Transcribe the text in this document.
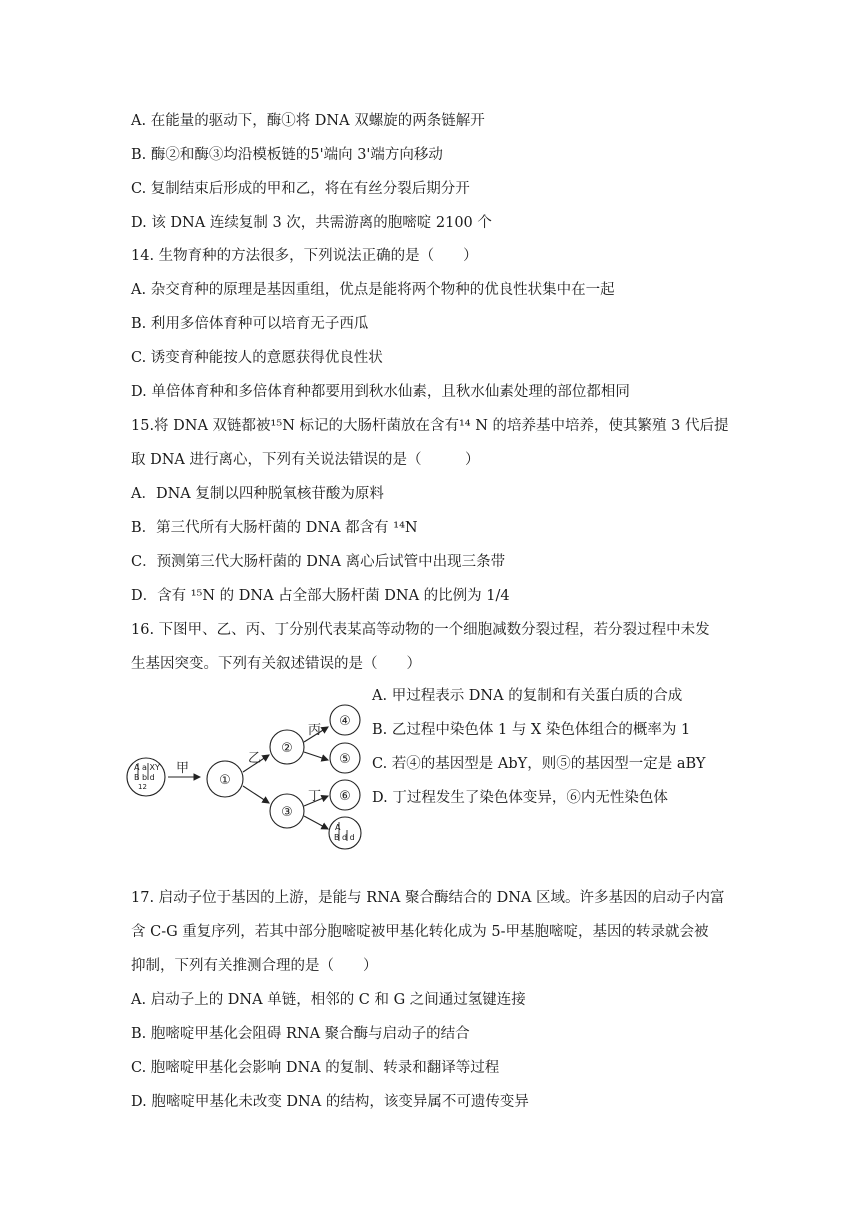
A. 在能量的驱动下，酶①将 DNA 双螺旋的两条链解开
B. 酶②和酶③均沿模板链的5'端向 3'端方向移动
C. 复制结束后形成的甲和乙，将在有丝分裂后期分开
D. 该 DNA 连续复制 3 次，共需游离的胞嘧啶 2100 个
14. 生物育种的方法很多，下列说法正确的是（　　）
A. 杂交育种的原理是基因重组，优点是能将两个物种的优良性状集中在一起
B. 利用多倍体育种可以培育无子西瓜
C. 诱变育种能按人的意愿获得优良性状
D. 单倍体育种和多倍体育种都要用到秋水仙素，且秋水仙素处理的部位都相同
15.将 DNA 双链都被¹⁵N 标记的大肠杆菌放在含有¹⁴ N 的培养基中培养，使其繁殖 3 代后提
取 DNA 进行离心，下列有关说法错误的是（　　　）
A．DNA 复制以四种脱氧核苷酸为原料
B．第三代所有大肠杆菌的 DNA 都含有 ¹⁴N
C．预测第三代大肠杆菌的 DNA 离心后试管中出现三条带
D．含有 ¹⁵N 的 DNA 占全部大肠杆菌 DNA 的比例为 1/4
16. 下图甲、乙、丙、丁分别代表某高等动物的一个细胞减数分裂过程，若分裂过程中未发
生基因突变。下列有关叙述错误的是（　　）
A a XY
B b d
12
甲
①
乙
②
③
丙
丁
④
⑤
⑥
A
B d d
A. 甲过程表示 DNA 的复制和有关蛋白质的合成
B. 乙过程中染色体 1 与 X 染色体组合的概率为 1
C. 若④的基因型是 AbY，则⑤的基因型一定是 aBY
D. 丁过程发生了染色体变异，⑥内无性染色体
17. 启动子位于基因的上游，是能与 RNA 聚合酶结合的 DNA 区域。许多基因的启动子内富
含 C-G 重复序列，若其中部分胞嘧啶被甲基化转化成为 5-甲基胞嘧啶，基因的转录就会被
抑制，下列有关推测合理的是（　　）
A. 启动子上的 DNA 单链，相邻的 C 和 G 之间通过氢键连接
B. 胞嘧啶甲基化会阻碍 RNA 聚合酶与启动子的结合
C. 胞嘧啶甲基化会影响 DNA 的复制、转录和翻译等过程
D. 胞嘧啶甲基化未改变 DNA 的结构，该变异属不可遗传变异
